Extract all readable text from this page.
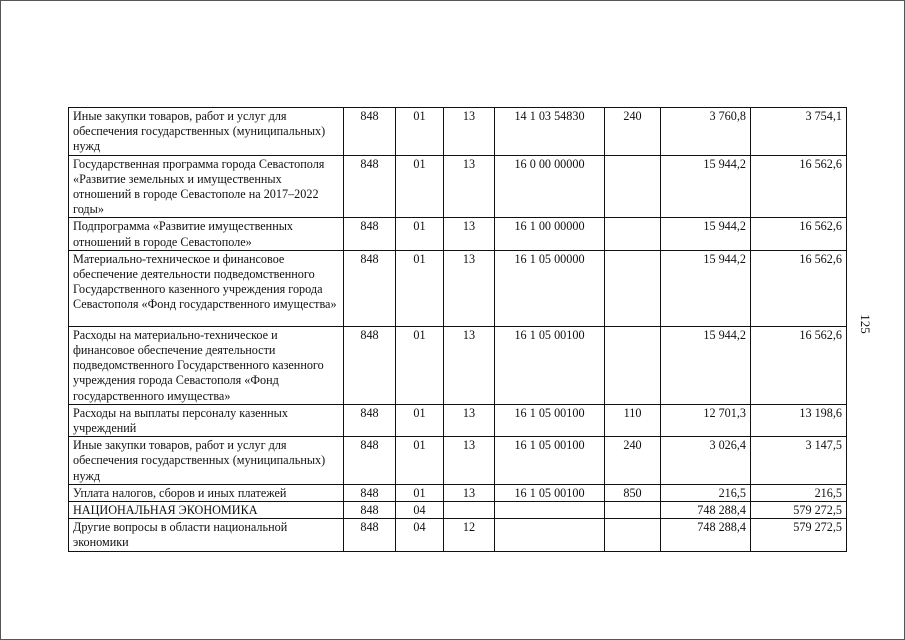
Иные закупки товаров, работ и услуг для обеспечения государственных (муниципальных) нужд	848	01	13	14 1 03 54830	240	3 760,8	3 754,1
Государственная программа города Севастополя «Развитие земельных и имущественных отношений в городе Севастополе на 2017–2022 годы»	848	01	13	16 0 00 00000		15 944,2	16 562,6
Подпрограмма «Развитие имущественных отношений в городе Севастополе»	848	01	13	16 1 00 00000		15 944,2	16 562,6
Материально-техническое и финансовое обеспечение деятельности подведомственного Государственного казенного учреждения города Севастополя «Фонд государственного имущества»	848	01	13	16 1 05 00000		15 944,2	16 562,6
Расходы на материально-техническое и финансовое обеспечение деятельности подведомственного Государственного казенного учреждения города Севастополя «Фонд государственного имущества»	848	01	13	16 1 05 00100		15 944,2	16 562,6
Расходы на выплаты персоналу казенных учреждений	848	01	13	16 1 05 00100	110	12 701,3	13 198,6
Иные закупки товаров, работ и услуг для обеспечения государственных (муниципальных) нужд	848	01	13	16 1 05 00100	240	3 026,4	3 147,5
Уплата налогов, сборов и иных платежей	848	01	13	16 1 05 00100	850	216,5	216,5
НАЦИОНАЛЬНАЯ ЭКОНОМИКА	848	04				748 288,4	579 272,5
Другие вопросы в области национальной экономики	848	04	12			748 288,4	579 272,5
125
